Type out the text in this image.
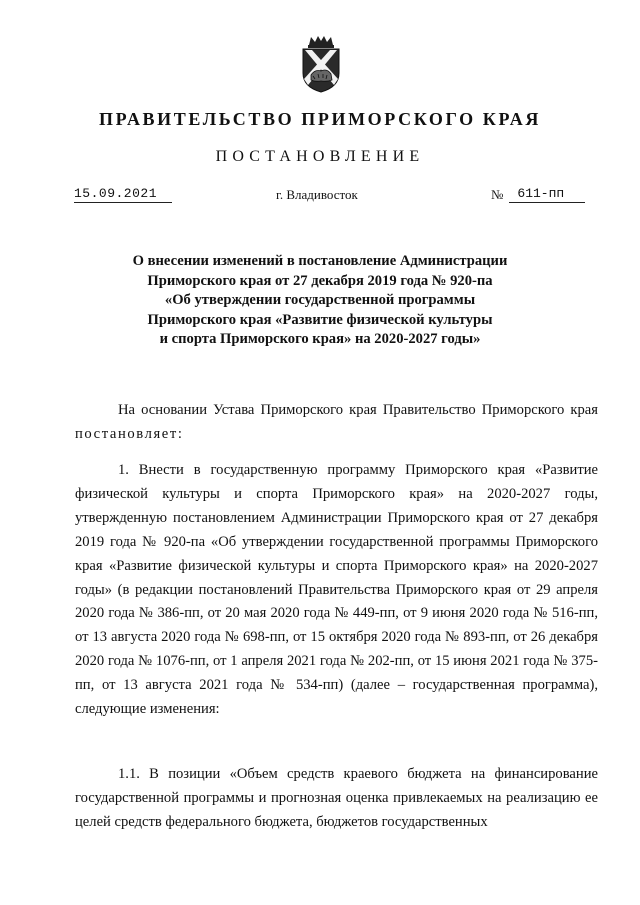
ПРАВИТЕЛЬСТВО ПРИМОРСКОГО КРАЯ
ПОСТАНОВЛЕНИЕ
15.09.2021	г. Владивосток	№	611-пп
О внесении изменений в постановление Администрации
Приморского края от 27 декабря 2019 года № 920-па
«Об утверждении государственной программы
Приморского края «Развитие физической культуры
и спорта Приморского края» на 2020-2027 годы»
На основании Устава Приморского края Правительство Приморского края постановляет:
1. Внести в государственную программу Приморского края «Развитие физической культуры и спорта Приморского края» на 2020-2027 годы, утвержденную постановлением Администрации Приморского края от 27 декабря 2019 года № 920-па «Об утверждении государственной программы Приморского края «Развитие физической культуры и спорта Приморского края» на 2020-2027 годы» (в редакции постановлений Правительства Приморского края от 29 апреля 2020 года № 386-пп, от 20 мая 2020 года № 449-пп, от 9 июня 2020 года № 516-пп, от 13 августа 2020 года № 698-пп, от 15 октября 2020 года № 893-пп, от 26 декабря 2020 года № 1076-пп, от 1 апреля 2021 года № 202-пп, от 15 июня 2021 года № 375-пп, от 13 августа 2021 года № 534-пп) (далее – государственная программа), следующие изменения:
1.1. В позиции «Объем средств краевого бюджета на финансирование государственной программы и прогнозная оценка привлекаемых на реализацию ее целей средств федерального бюджета, бюджетов государственных
